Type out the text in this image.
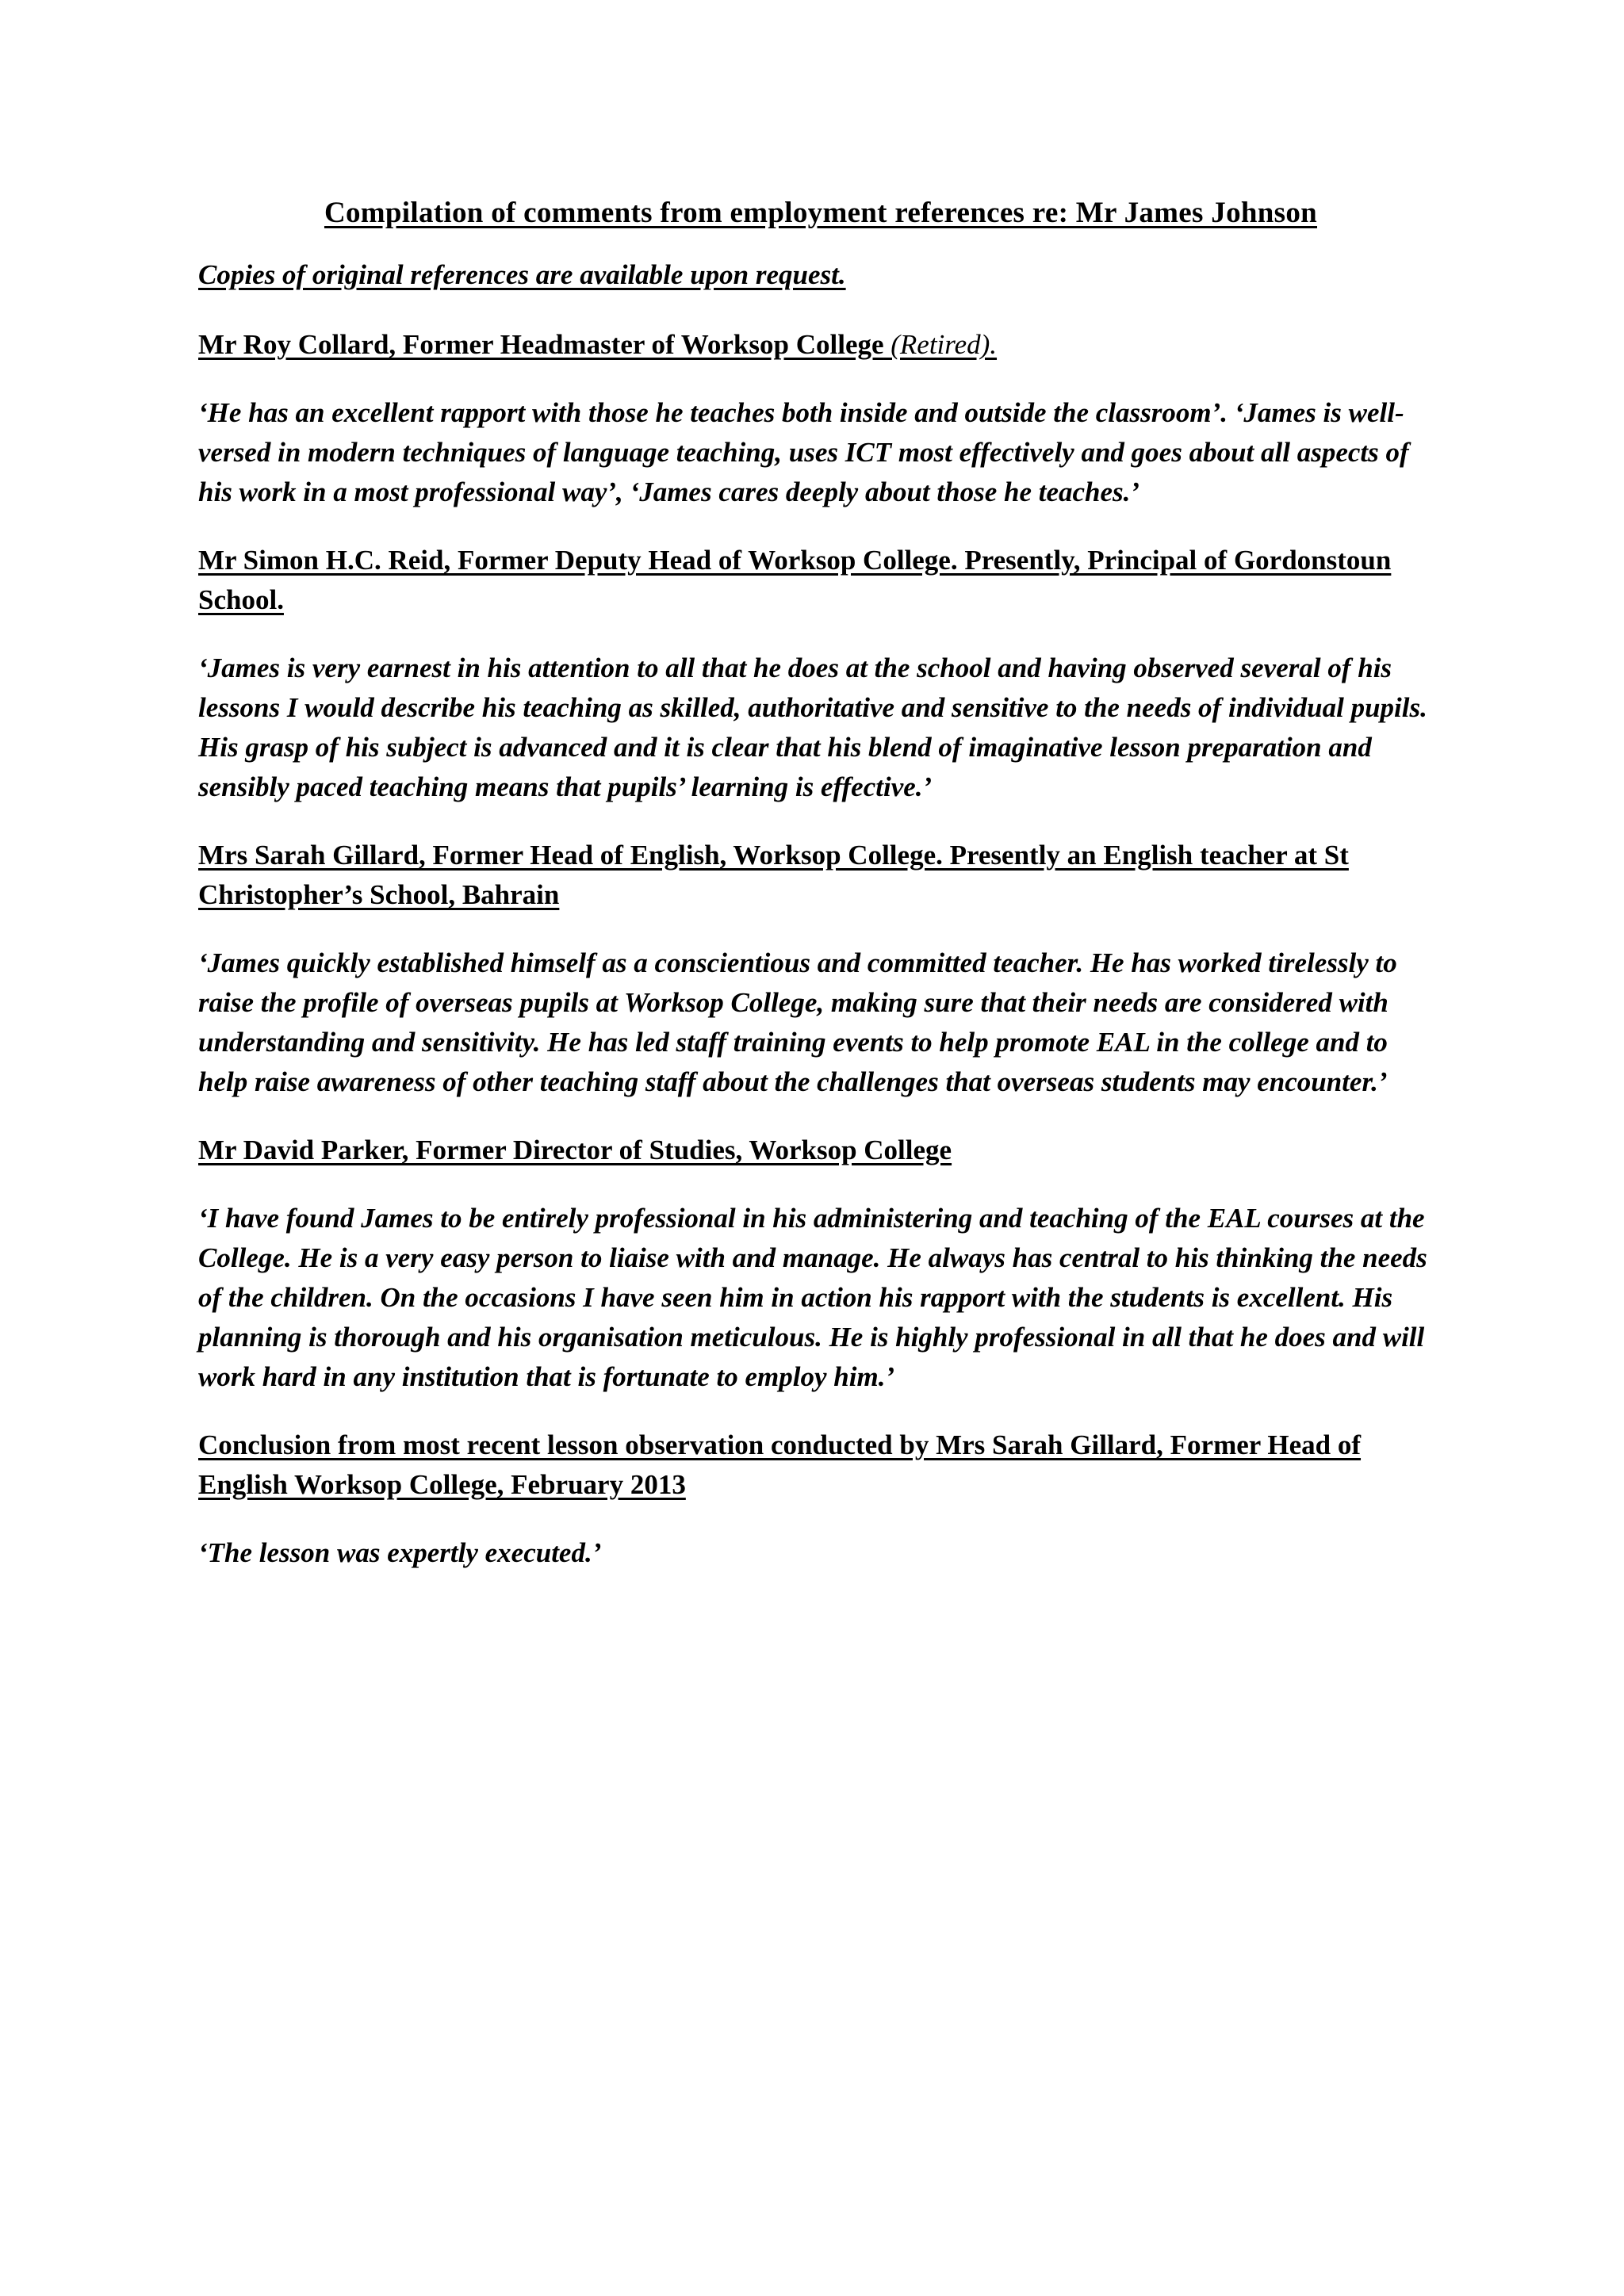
Compilation of comments from employment references re: Mr James Johnson
Copies of original references are available upon request.
Mr Roy Collard, Former Headmaster of Worksop College (Retired).
‘He has an excellent rapport with those he teaches both inside and outside the classroom’. ‘James is well-versed in modern techniques of language teaching, uses ICT most effectively and goes about all aspects of his work in a most professional way’, ‘James cares deeply about those he teaches.’
Mr Simon H.C. Reid, Former Deputy Head of Worksop College. Presently, Principal of Gordonstoun School.
‘James is very earnest in his attention to all that he does at the school and having observed several of his lessons I would describe his teaching as skilled, authoritative and sensitive to the needs of individual pupils. His grasp of his subject is advanced and it is clear that his blend of imaginative lesson preparation and sensibly paced teaching means that pupils’ learning is effective.’
Mrs Sarah Gillard, Former Head of English, Worksop College. Presently an English teacher at St Christopher’s School, Bahrain
‘James quickly established himself as a conscientious and committed teacher. He has worked tirelessly to raise the profile of overseas pupils at Worksop College, making sure that their needs are considered with understanding and sensitivity. He has led staff training events to help promote EAL in the college and to help raise awareness of other teaching staff about the challenges that overseas students may encounter.’
Mr David Parker, Former Director of Studies, Worksop College
‘I have found James to be entirely professional in his administering and teaching of the EAL courses at the College. He is a very easy person to liaise with and manage. He always has central to his thinking the needs of the children. On the occasions I have seen him in action his rapport with the students is excellent. His planning is thorough and his organisation meticulous. He is highly professional in all that he does and will work hard in any institution that is fortunate to employ him.’
Conclusion from most recent lesson observation conducted by Mrs Sarah Gillard, Former Head of English Worksop College, February 2013
‘The lesson was expertly executed.’
